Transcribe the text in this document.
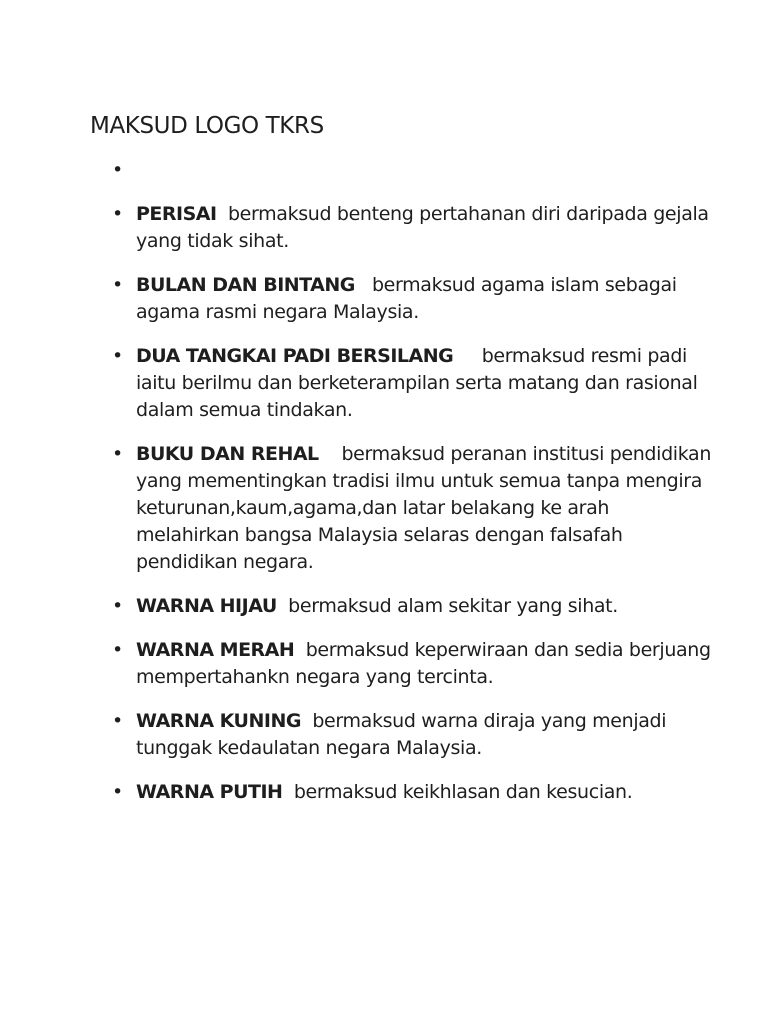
MAKSUD LOGO TKRS
•
• PERISAI bermaksud benteng pertahanan diri daripada gejala yang tidak sihat.
• BULAN DAN BINTANG bermaksud agama islam sebagai agama rasmi negara Malaysia.
• DUA TANGKAI PADI BERSILANG bermaksud resmi padi iaitu berilmu dan berketerampilan serta matang dan rasional dalam semua tindakan.
• BUKU DAN REHAL bermaksud peranan institusi pendidikan yang mementingkan tradisi ilmu untuk semua tanpa mengira keturunan,kaum,agama,dan latar belakang ke arah melahirkan bangsa Malaysia selaras dengan falsafah pendidikan negara.
• WARNA HIJAU bermaksud alam sekitar yang sihat.
• WARNA MERAH bermaksud keperwiraan dan sedia berjuang mempertahankn negara yang tercinta.
• WARNA KUNING bermaksud warna diraja yang menjadi tunggak kedaulatan negara Malaysia.
• WARNA PUTIH bermaksud keikhlasan dan kesucian.
